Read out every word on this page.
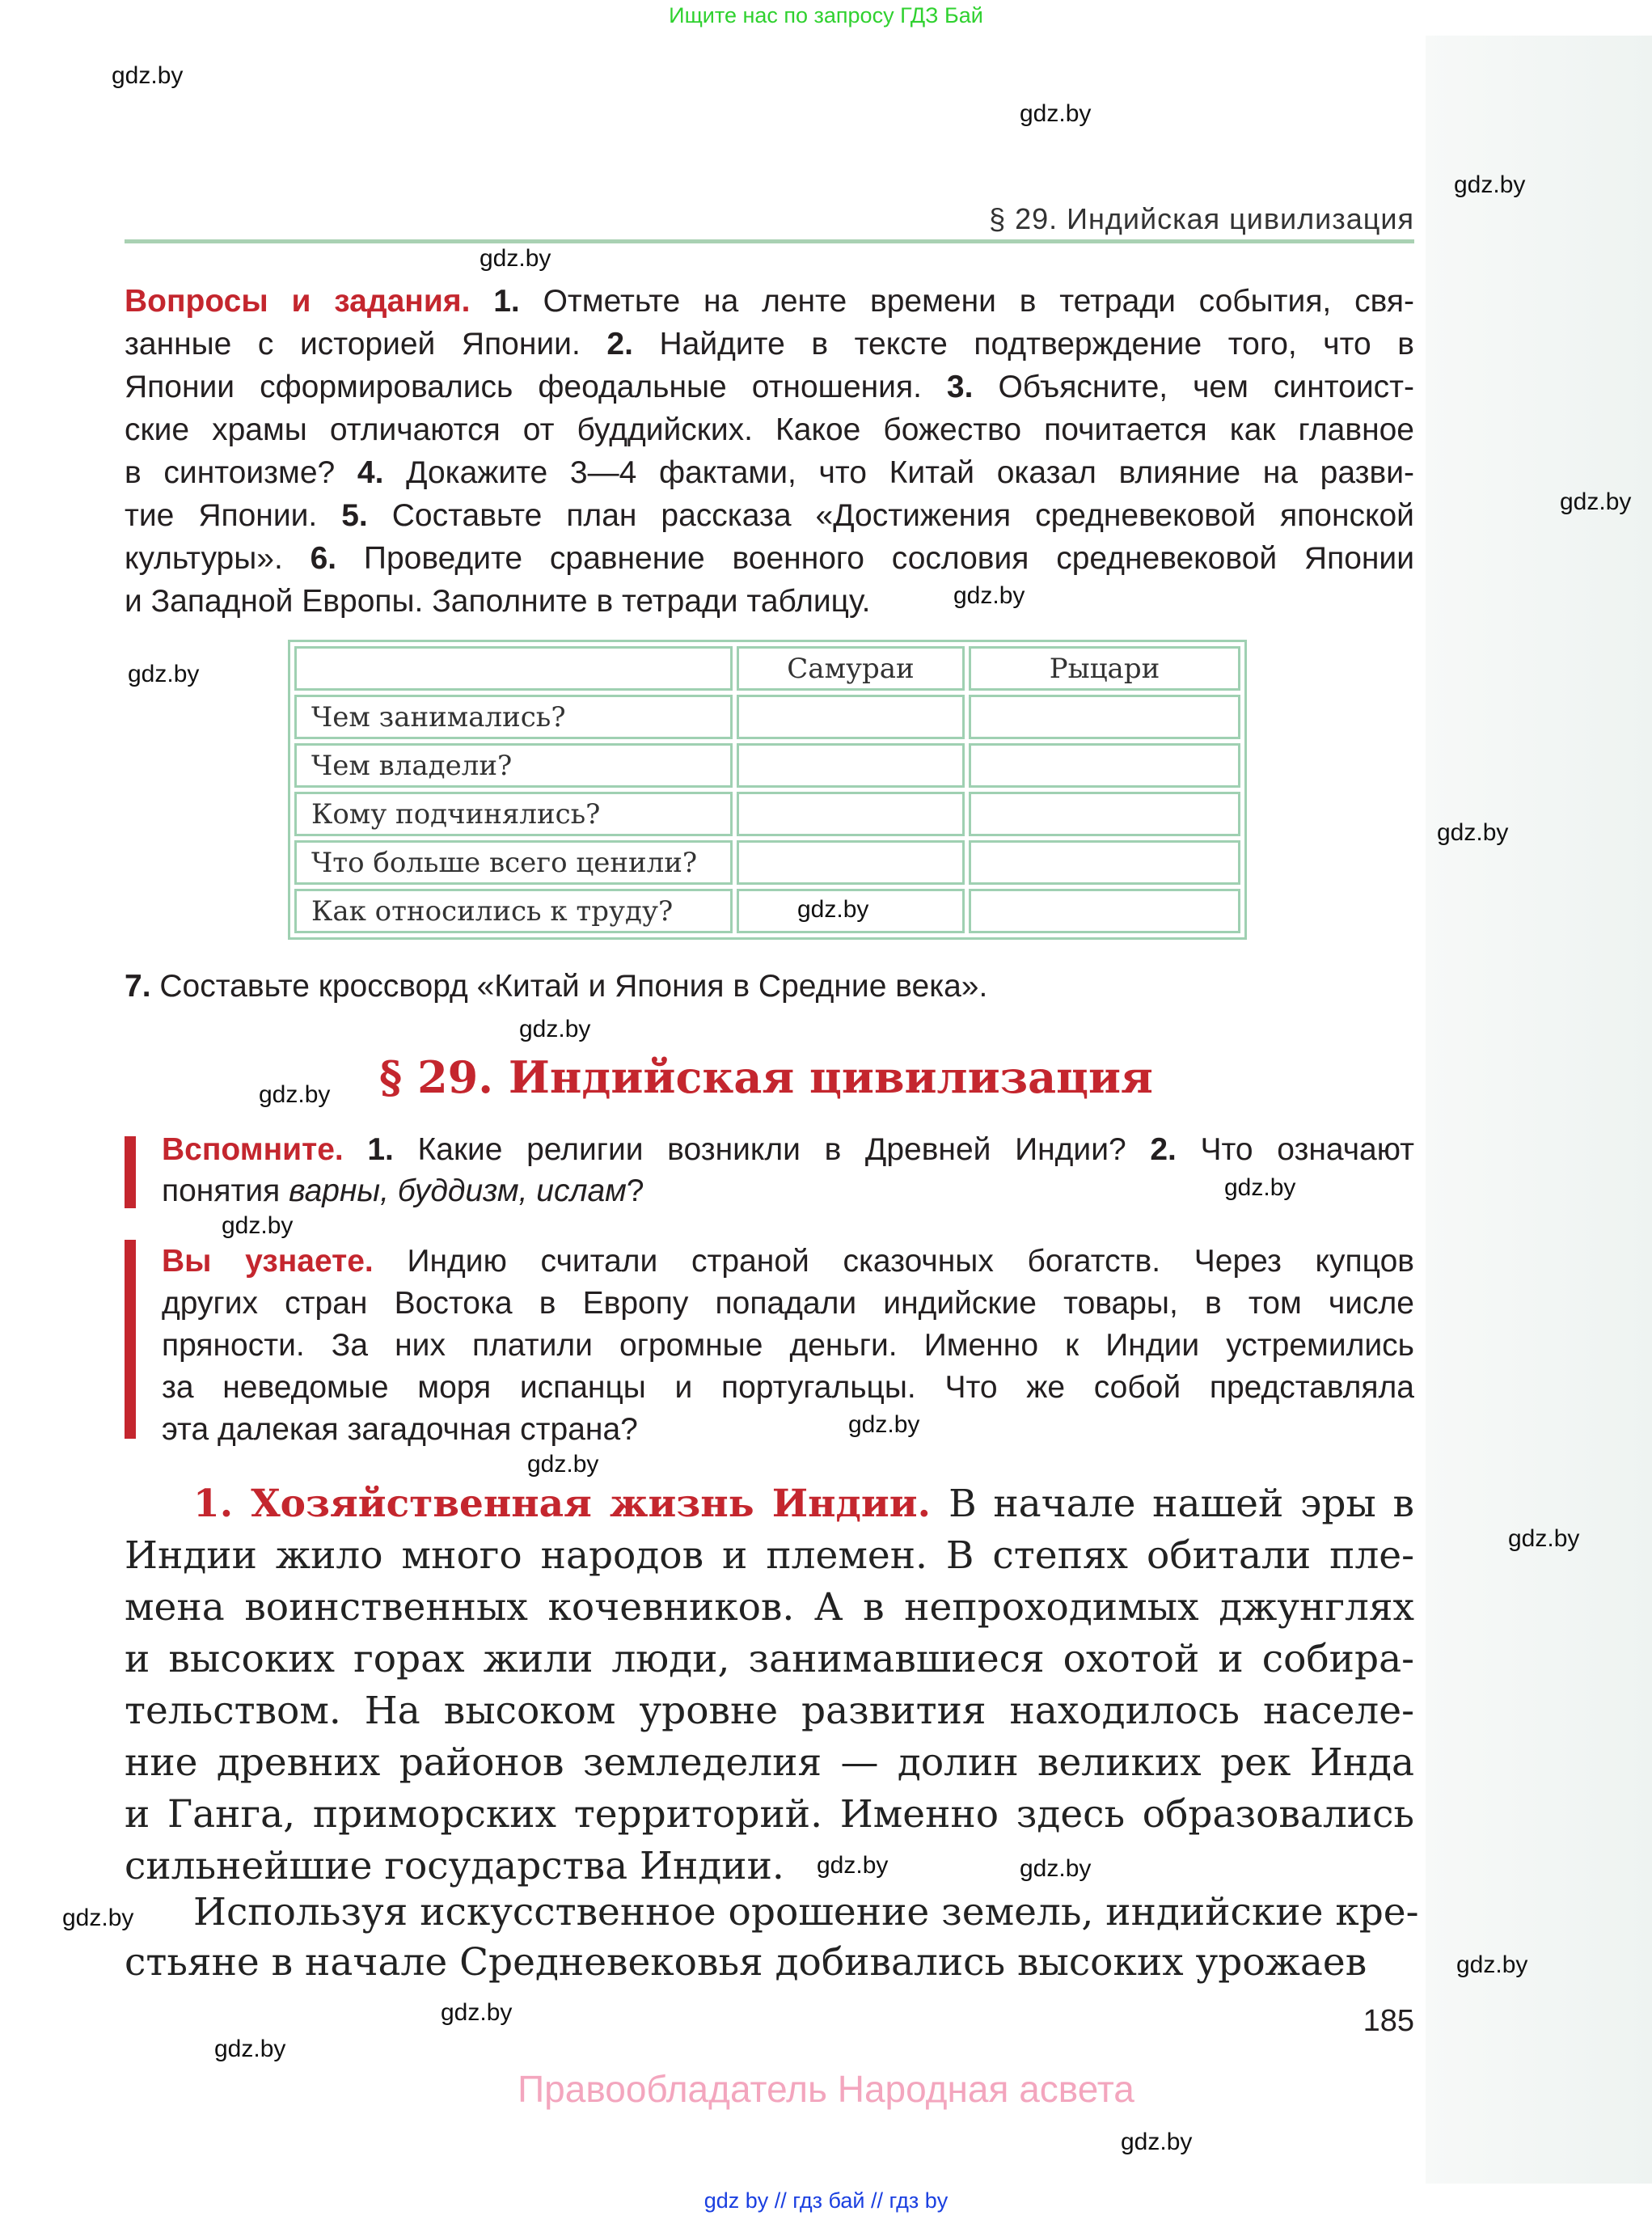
Ищите нас по запросу ГДЗ Бай
§ 29. Индийская цивилизация
Вопросы и задания. 1. Отметьте на ленте времени в тетради события, свя-
занные с историей Японии. 2. Найдите в тексте подтверждение того, что в
Японии сформировались феодальные отношения. 3. Объясните, чем синтоист-
ские храмы отличаются от буддийских. Какое божество почитается как главное
в синтоизме? 4. Докажите 3—4 фактами, что Китай оказал влияние на разви-
тие Японии. 5. Составьте план рассказа «Достижения средневековой японской
культуры». 6. Проведите сравнение военного сословия средневековой Японии
и Западной Европы. Заполните в тетради таблицу.
	Самураи	Рыцари
Чем занимались?		
Чем владели?		
Кому подчинялись?		
Что больше всего ценили?		
Как относились к труду?		
7. Составьте кроссворд «Китай и Япония в Средние века».
§ 29. Индийская цивилизация
Вспомните. 1. Какие религии возникли в Древней Индии? 2. Что означают
понятия варны, буддизм, ислам?
Вы узнаете. Индию считали страной сказочных богатств. Через купцов
других стран Востока в Европу попадали индийские товары, в том числе
пряности. За них платили огромные деньги. Именно к Индии устремились
за неведомые моря испанцы и португальцы. Что же собой представляла
эта далекая загадочная страна?
1. Хозяйственная жизнь Индии. В начале нашей эры в
Индии жило много народов и племен. В степях обитали пле-
мена воинственных кочевников. А в непроходимых джунглях
и высоких горах жили люди, занимавшиеся охотой и собира-
тельством. На высоком уровне развития находилось населе-
ние древних районов земледелия — долин великих рек Инда
и Ганга, приморских территорий. Именно здесь образовались
сильнейшие государства Индии.
Используя искусственное орошение земель, индийские кре-
стьяне в начале Средневековья добивались высоких урожаев
185
Правообладатель Народная асвета
gdz by // гдз бай // гдз by
gdz.by
gdz.by
gdz.by
gdz.by
gdz.by
gdz.by
gdz.by
gdz.by
gdz.by
gdz.by
gdz.by
gdz.by
gdz.by
gdz.by
gdz.by
gdz.by
gdz.by	gdz.by
gdz.by
gdz.by
gdz.by
gdz.by
gdz.by
